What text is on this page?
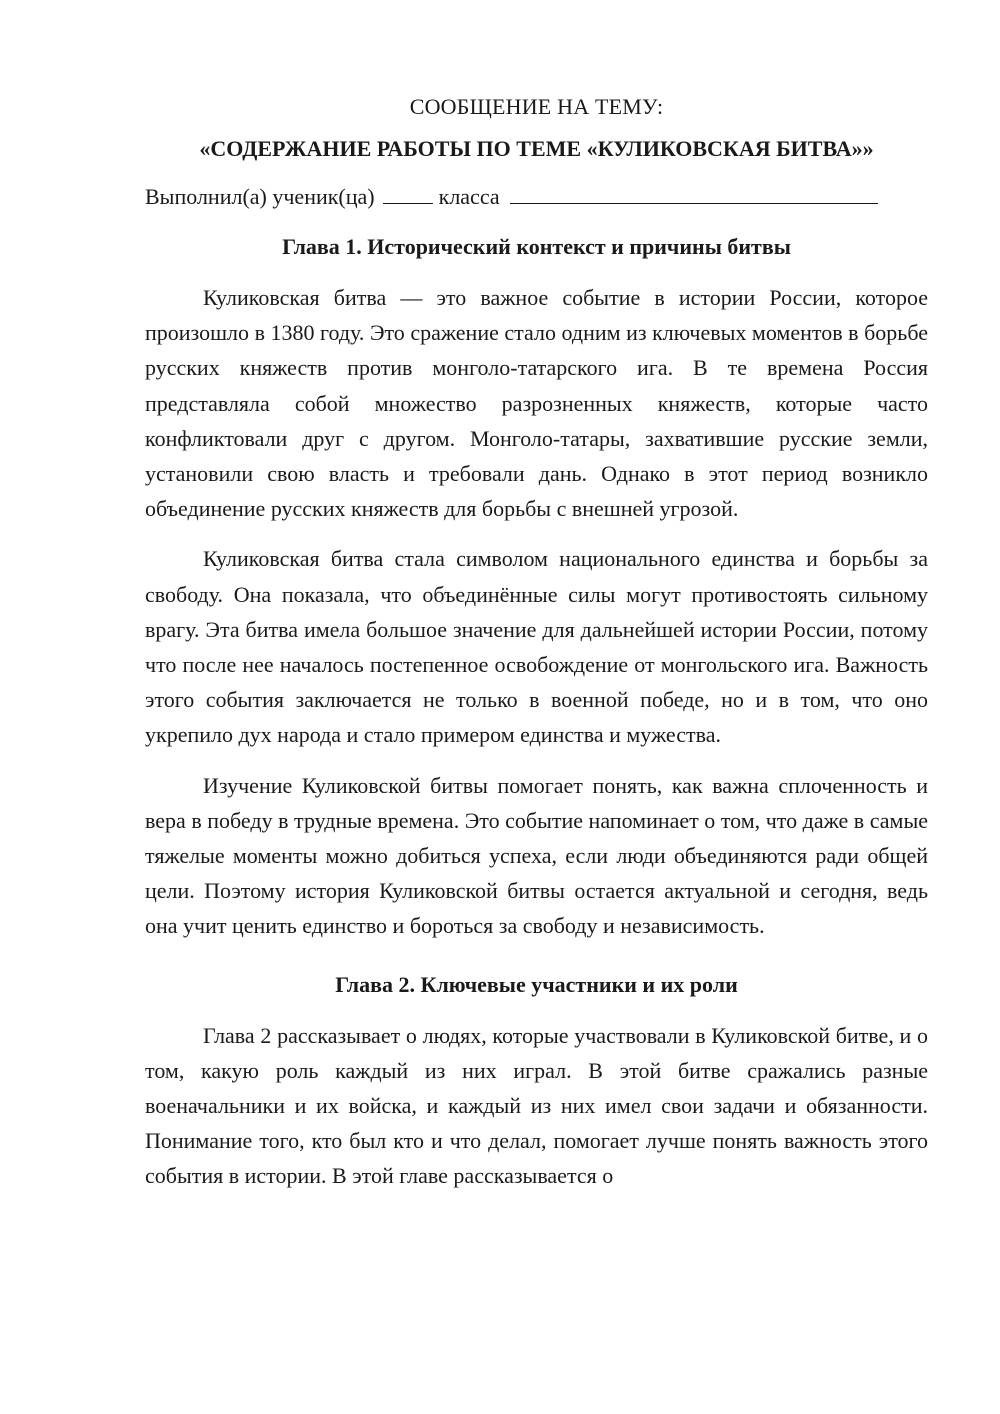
СООБЩЕНИЕ НА ТЕМУ:

«СОДЕРЖАНИЕ РАБОТЫ ПО ТЕМЕ «КУЛИКОВСКАЯ БИТВА»»

Выполнил(а) ученик(ца)	класса

Глава 1. Исторический контекст и причины битвы

Куликовская битва — это важное событие в истории России, которое произошло в 1380 году. Это сражение стало одним из ключевых моментов в борьбе русских княжеств против монголо-татарского ига. В те времена Россия представляла собой множество разрозненных княжеств, которые часто конфликтовали друг с другом. Монголо-татары, захватившие русские земли, установили свою власть и требовали дань. Однако в этот период возникло объединение русских княжеств для борьбы с внешней угрозой.

Куликовская битва стала символом национального единства и борьбы за свободу. Она показала, что объединённые силы могут противостоять сильному врагу. Эта битва имела большое значение для дальнейшей истории России, потому что после нее началось постепенное освобождение от монгольского ига. Важность этого события заключается не только в военной победе, но и в том, что оно укрепило дух народа и стало примером единства и мужества.

Изучение Куликовской битвы помогает понять, как важна сплоченность и вера в победу в трудные времена. Это событие напоминает о том, что даже в самые тяжелые моменты можно добиться успеха, если люди объединяются ради общей цели. Поэтому история Куликовской битвы остается актуальной и сегодня, ведь она учит ценить единство и бороться за свободу и независимость.

Глава 2. Ключевые участники и их роли

Глава 2 рассказывает о людях, которые участвовали в Куликовской битве, и о том, какую роль каждый из них играл. В этой битве сражались разные военачальники и их войска, и каждый из них имел свои задачи и обязанности. Понимание того, кто был кто и что делал, помогает лучше понять важность этого события в истории. В этой главе рассказывается о
